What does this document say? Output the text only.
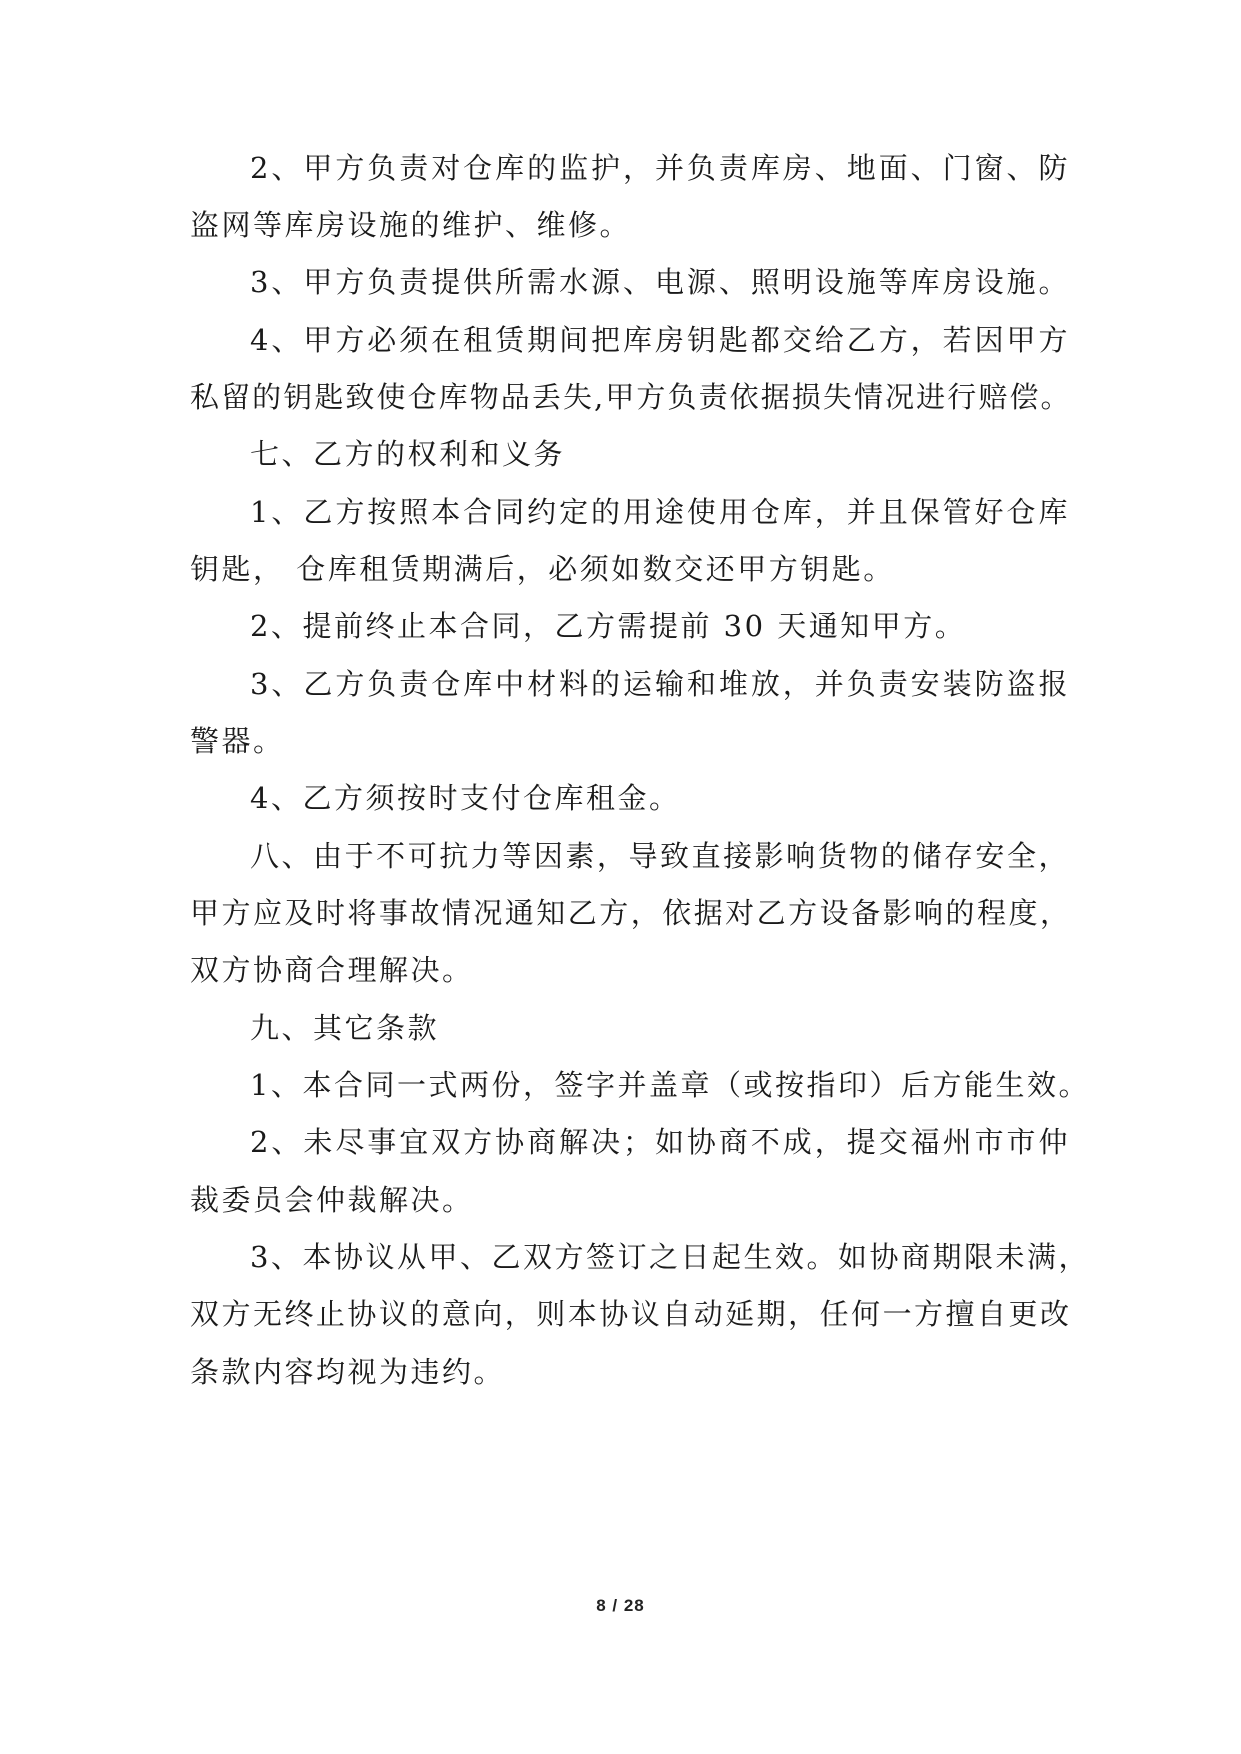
2、甲方负责对仓库的监护，并负责库房、地面、门窗、防
盗网等库房设施的维护、维修。
3、甲方负责提供所需水源、电源、照明设施等库房设施。
4、甲方必须在租赁期间把库房钥匙都交给乙方，若因甲方
私留的钥匙致使仓库物品丢失,甲方负责依据损失情况进行赔偿。
七、乙方的权利和义务
1、乙方按照本合同约定的用途使用仓库，并且保管好仓库
钥匙， 仓库租赁期满后，必须如数交还甲方钥匙。
2、提前终止本合同，乙方需提前 30 天通知甲方。
3、乙方负责仓库中材料的运输和堆放，并负责安装防盗报
警器。
4、乙方须按时支付仓库租金。
八、由于不可抗力等因素，导致直接影响货物的储存安全，
甲方应及时将事故情况通知乙方，依据对乙方设备影响的程度，
双方协商合理解决。
九、其它条款
1、本合同一式两份，签字并盖章（或按指印）后方能生效。
2、未尽事宜双方协商解决；如协商不成，提交福州市市仲
裁委员会仲裁解决。
3、本协议从甲、乙双方签订之日起生效。如协商期限未满，
双方无终止协议的意向，则本协议自动延期，任何一方擅自更改
条款内容均视为违约。
8 / 28
